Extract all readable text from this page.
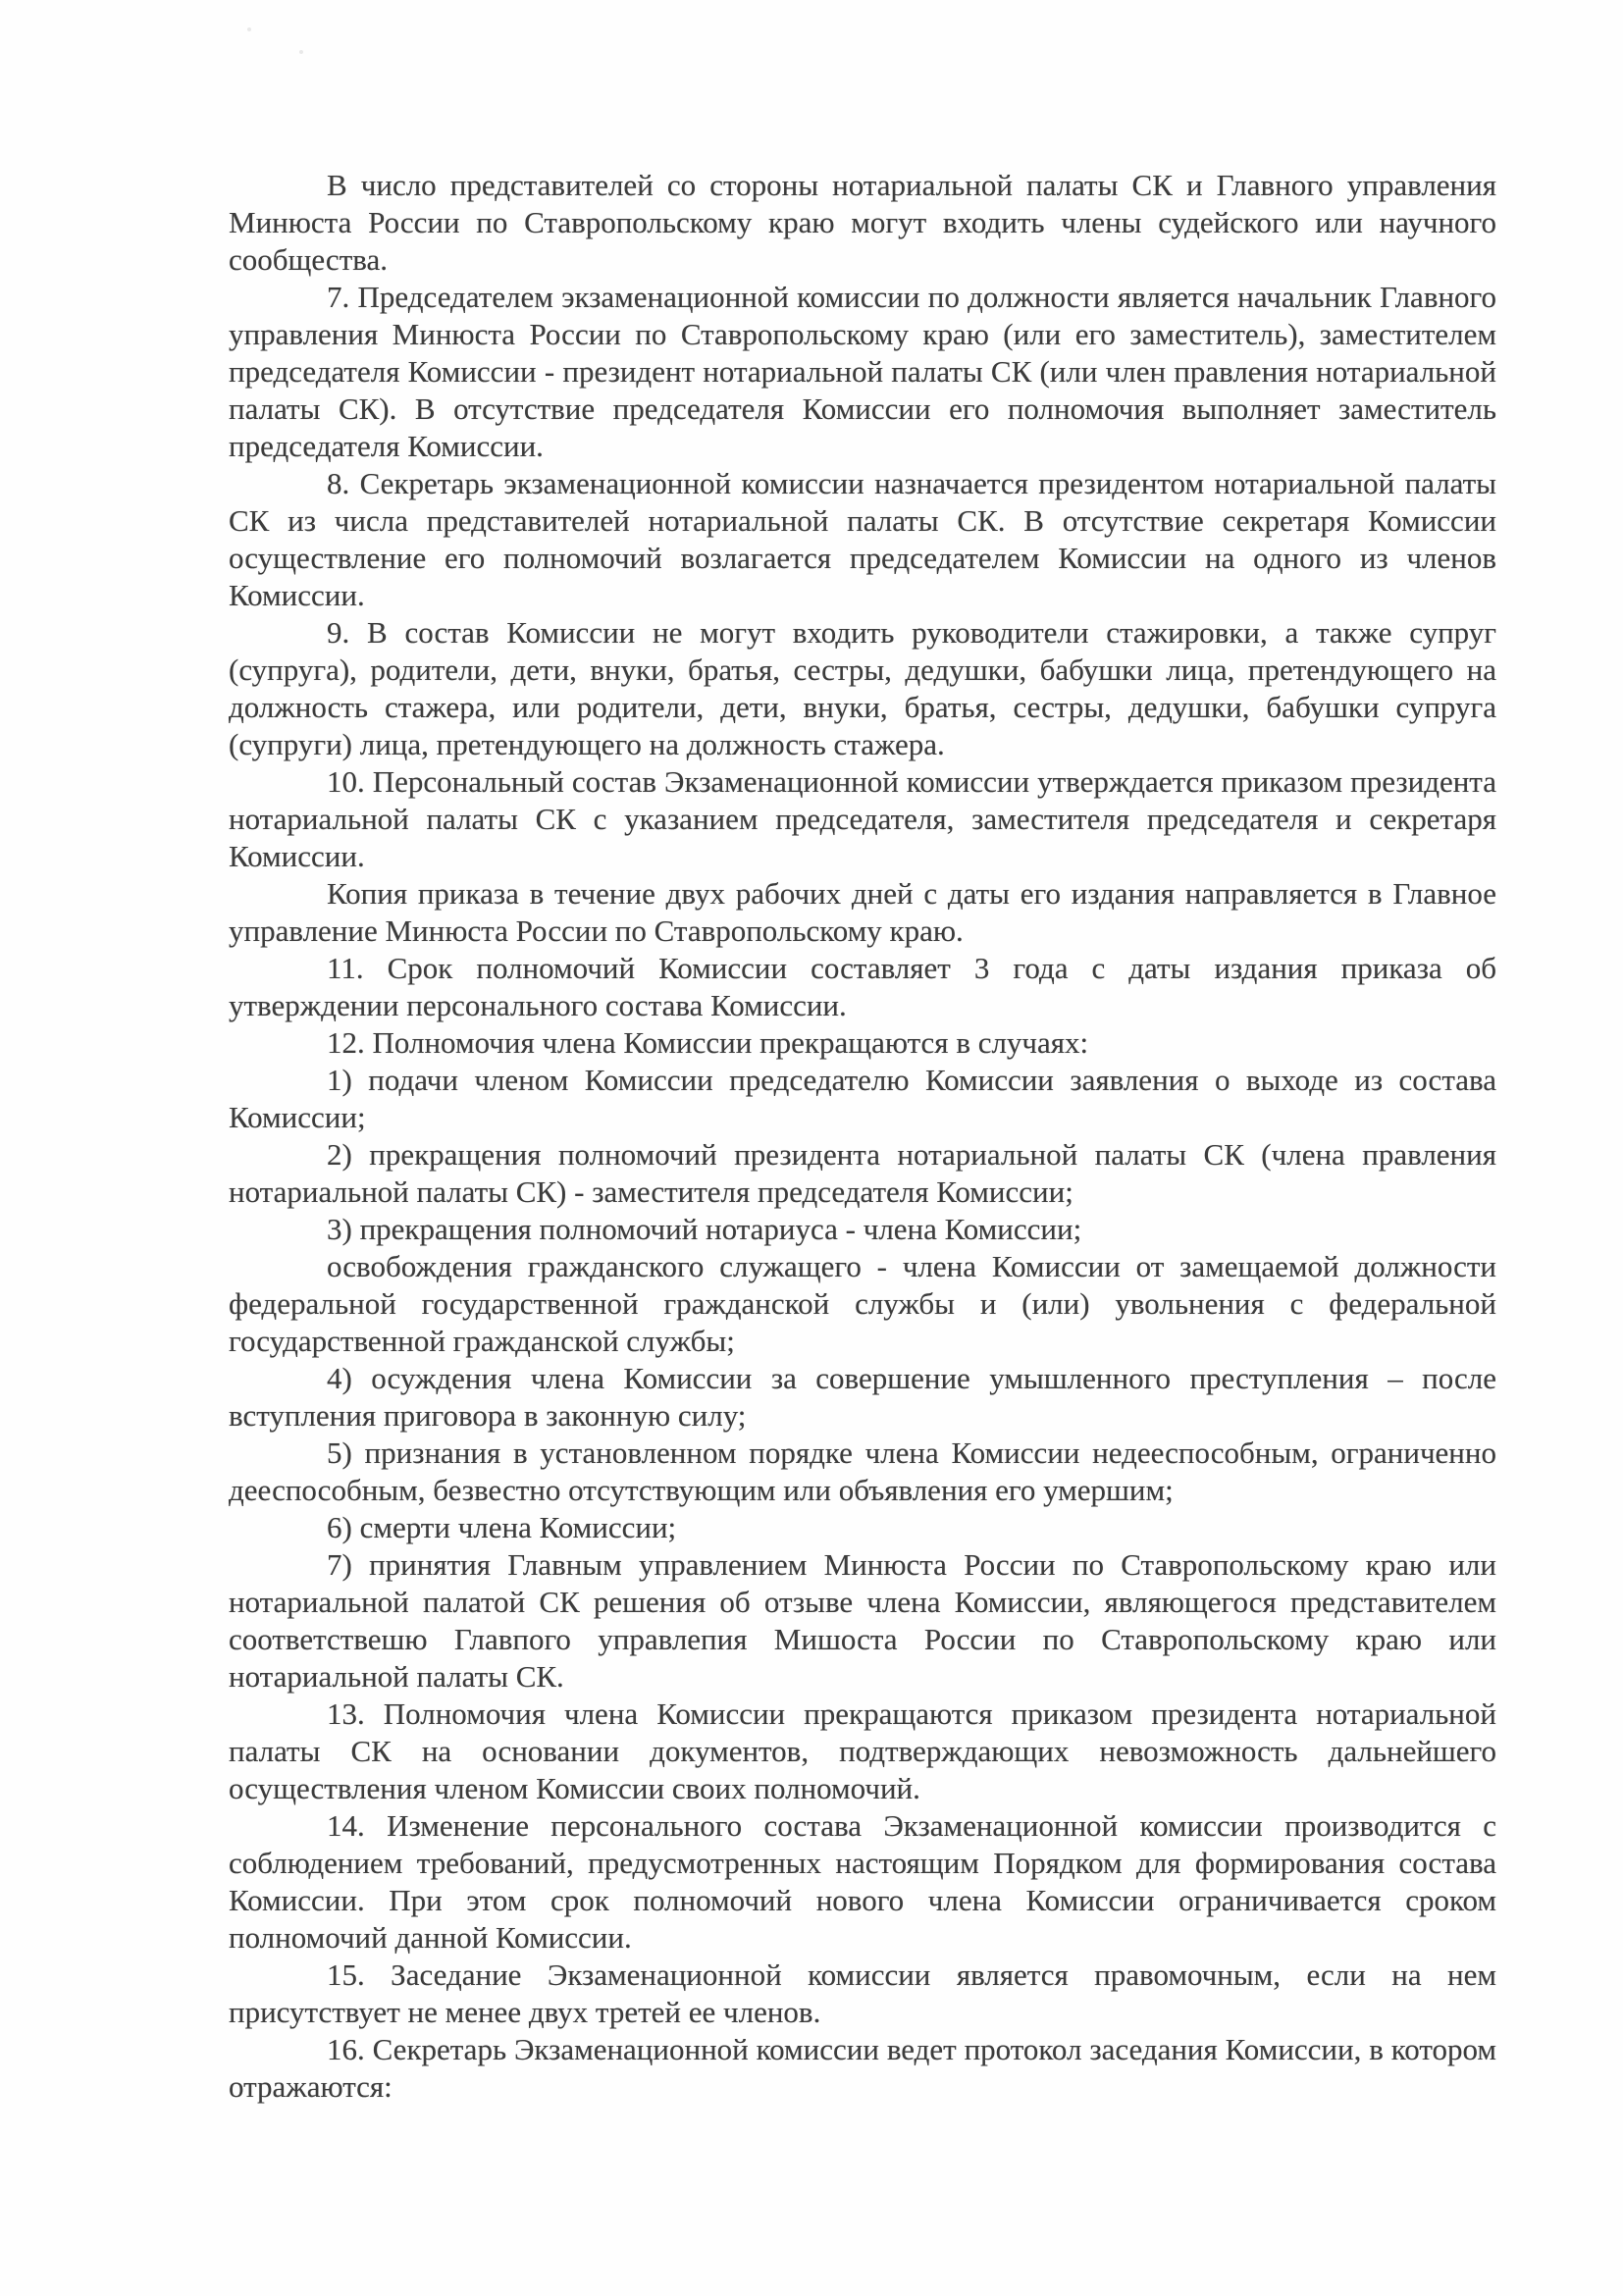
В число представителей со стороны нотариальной палаты СК и Главного управления Минюста России по Ставропольскому краю могут входить члены судейского или научного сообщества.

7. Председателем экзаменационной комиссии по должности является начальник Главного управления Минюста России по Ставропольскому краю (или его заместитель), заместителем председателя Комиссии - президент нотариальной палаты СК (или член правления нотариальной палаты СК). В отсутствие председателя Комиссии его полномочия выполняет заместитель председателя Комиссии.

8. Секретарь экзаменационной комиссии назначается президентом нотариальной палаты СК из числа представителей нотариальной палаты СК. В отсутствие секретаря Комиссии осуществление его полномочий возлагается председателем Комиссии на одного из членов Комиссии.

9. В состав Комиссии не могут входить руководители стажировки, а также супруг (супруга), родители, дети, внуки, братья, сестры, дедушки, бабушки лица, претендующего на должность стажера, или родители, дети, внуки, братья, сестры, дедушки, бабушки супруга (супруги) лица, претендующего на должность стажера.

10. Персональный состав Экзаменационной комиссии утверждается приказом президента нотариальной палаты СК с указанием председателя, заместителя председателя и секретаря Комиссии.

Копия приказа в течение двух рабочих дней с даты его издания направляется в Главное управление Минюста России по Ставропольскому краю.

11. Срок полномочий Комиссии составляет 3 года с даты издания приказа об утверждении персонального состава Комиссии.

12. Полномочия члена Комиссии прекращаются в случаях:

1) подачи членом Комиссии председателю Комиссии заявления о выходе из состава Комиссии;

2) прекращения полномочий президента нотариальной палаты СК (члена правления нотариальной палаты СК) - заместителя председателя Комиссии;

3) прекращения полномочий нотариуса - члена Комиссии;

освобождения гражданского служащего - члена Комиссии от замещаемой должности федеральной государственной гражданской службы и (или) увольнения с федеральной государственной гражданской службы;

4) осуждения члена Комиссии за совершение умышленного преступления – после вступления приговора в законную силу;

5) признания в установленном порядке члена Комиссии недееспособным, ограниченно дееспособным, безвестно отсутствующим или объявления его умершим;

6) смерти члена Комиссии;

7) принятия Главным управлением Минюста России по Ставропольскому краю или нотариальной палатой СК решения об отзыве члена Комиссии, являющегося представителем соответствешю Главпого управлепия Мишоста России по Ставропольскому краю или нотариальной палаты СК.

13. Полномочия члена Комиссии прекращаются приказом президента нотариальной палаты СК на основании документов, подтверждающих невозможность дальнейшего осуществления членом Комиссии своих полномочий.

14. Изменение персонального состава Экзаменационной комиссии производится с соблюдением требований, предусмотренных настоящим Порядком для формирования состава Комиссии. При этом срок полномочий нового члена Комиссии ограничивается сроком полномочий данной Комиссии.

15. Заседание Экзаменационной комиссии является правомочным, если на нем присутствует не менее двух третей ее членов.

16. Секретарь Экзаменационной комиссии ведет протокол заседания Комиссии, в котором отражаются:
